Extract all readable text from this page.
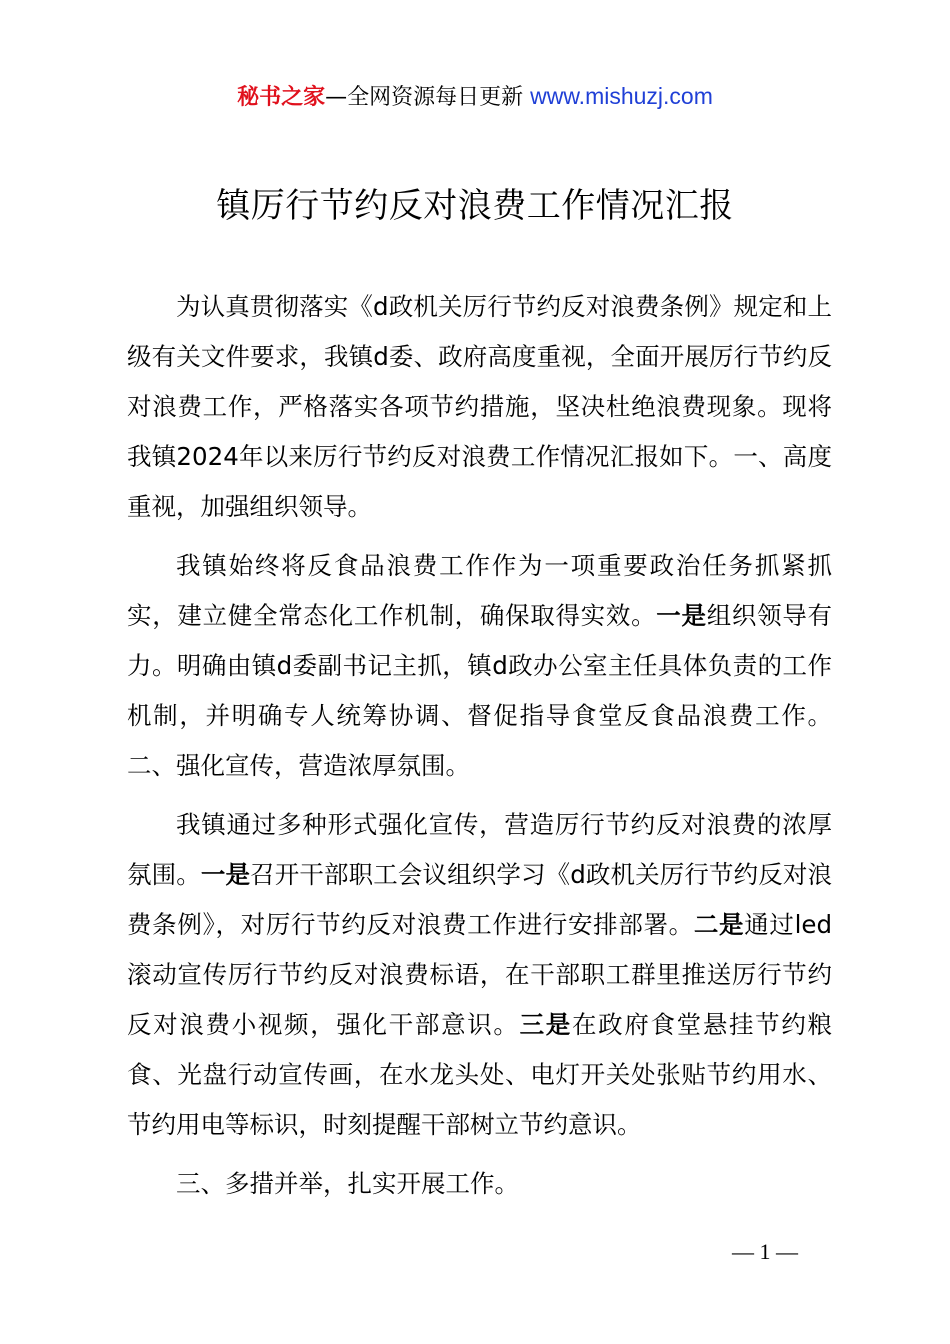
秘书之家—全网资源每日更新 www.mishuzj.com
镇厉行节约反对浪费工作情况汇报

为认真贯彻落实《d政机关厉行节约反对浪费条例》规定和上级有关文件要求，我镇d委、政府高度重视，全面开展厉行节约反对浪费工作，严格落实各项节约措施，坚决杜绝浪费现象。现将我镇2024年以来厉行节约反对浪费工作情况汇报如下。一、高度重视，加强组织领导。

我镇始终将反食品浪费工作作为一项重要政治任务抓紧抓实，建立健全常态化工作机制，确保取得实效。一是组织领导有力。明确由镇d委副书记主抓，镇d政办公室主任具体负责的工作机制，并明确专人统筹协调、督促指导食堂反食品浪费工作。二、强化宣传，营造浓厚氛围。

我镇通过多种形式强化宣传，营造厉行节约反对浪费的浓厚氛围。一是召开干部职工会议组织学习《d政机关厉行节约反对浪费条例》，对厉行节约反对浪费工作进行安排部署。二是通过led滚动宣传厉行节约反对浪费标语，在干部职工群里推送厉行节约反对浪费小视频，强化干部意识。三是在政府食堂悬挂节约粮食、光盘行动宣传画，在水龙头处、电灯开关处张贴节约用水、节约用电等标识，时刻提醒干部树立节约意识。

三、多措并举，扎实开展工作。

— 1 —
